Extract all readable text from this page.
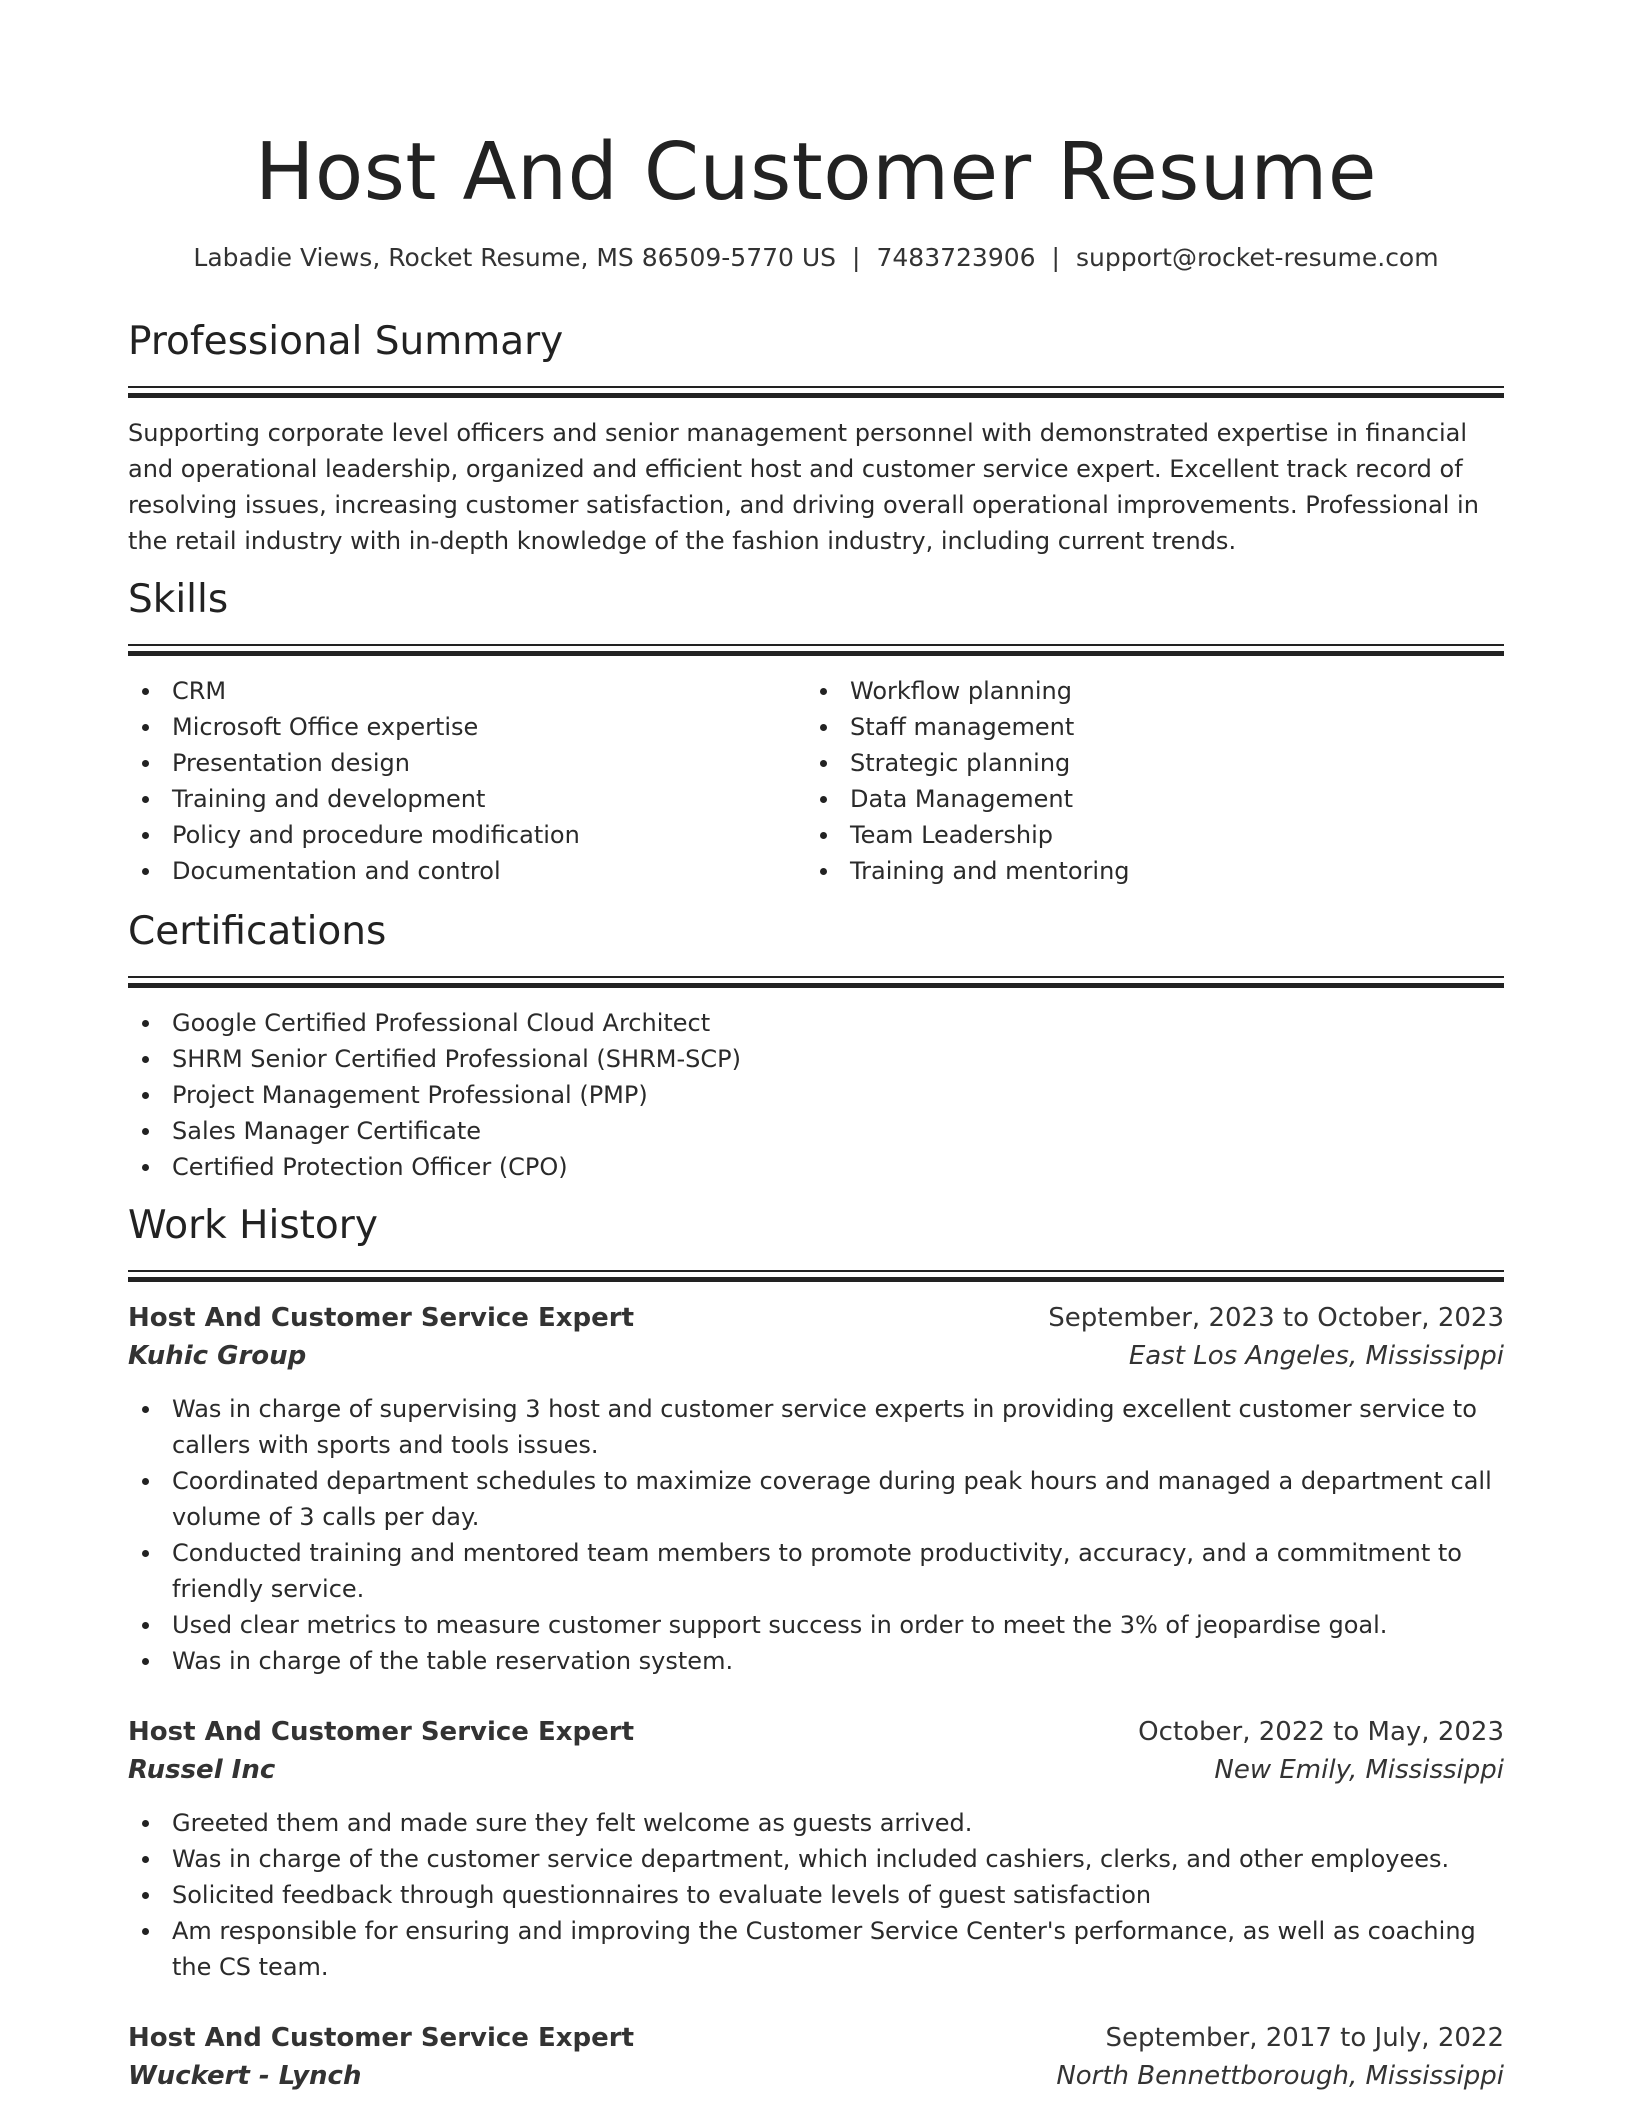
Host And Customer Resume
Labadie Views, Rocket Resume, MS 86509-5770 US | 7483723906 | support@rocket-resume.com
Professional Summary

Supporting corporate level officers and senior management personnel with demonstrated expertise in financial and operational leadership, organized and efficient host and customer service expert. Excellent track record of resolving issues, increasing customer satisfaction, and driving overall operational improvements. Professional in the retail industry with in-depth knowledge of the fashion industry, including current trends.

Skills
CRM
Microsoft Office expertise
Presentation design
Training and development
Policy and procedure modification
Documentation and control
Workflow planning
Staff management
Strategic planning
Data Management
Team Leadership
Training and mentoring
Certifications
Google Certified Professional Cloud Architect
SHRM Senior Certified Professional (SHRM-SCP)
Project Management Professional (PMP)
Sales Manager Certificate
Certified Protection Officer (CPO)
Work History
Host And Customer Service Expert	September, 2023 to October, 2023
Kuhic Group	East Los Angeles, Mississippi
Was in charge of supervising 3 host and customer service experts in providing excellent customer service to callers with sports and tools issues.
Coordinated department schedules to maximize coverage during peak hours and managed a department call volume of 3 calls per day.
Conducted training and mentored team members to promote productivity, accuracy, and a commitment to friendly service.
Used clear metrics to measure customer support success in order to meet the 3% of jeopardise goal.
Was in charge of the table reservation system.
Host And Customer Service Expert	October, 2022 to May, 2023
Russel Inc	New Emily, Mississippi
Greeted them and made sure they felt welcome as guests arrived.
Was in charge of the customer service department, which included cashiers, clerks, and other employees.
Solicited feedback through questionnaires to evaluate levels of guest satisfaction
Am responsible for ensuring and improving the Customer Service Center's performance, as well as coaching the CS team.
Host And Customer Service Expert	September, 2017 to July, 2022
Wuckert - Lynch	North Bennettborough, Mississippi
